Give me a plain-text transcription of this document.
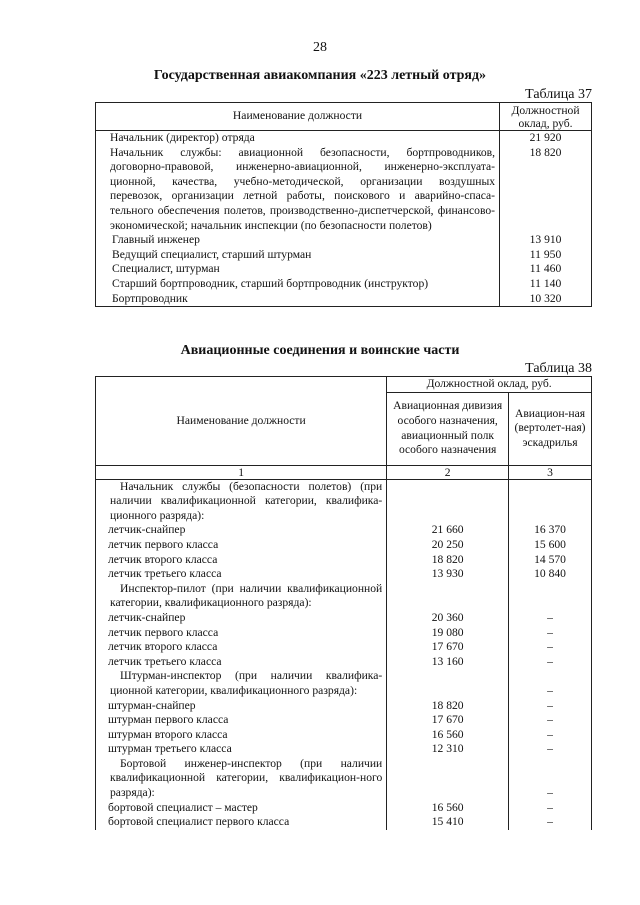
28
Государственная авиакомпания «223 летный отряд»
Таблица 37
Наименование должности	Должностной оклад, руб.
Начальник (директор) отряда	21 920
Начальник службы: авиационной безопасности, бортпроводников, договорно-правовой, инженерно-авиационной, инженерно-эксплуата-ционной, качества, учебно-методической, организации воздушных перевозок, организации летной работы, поискового и аварийно-спаса-тельного обеспечения полетов, производственно-диспетчерской, финансово-экономической; начальник инспекции (по безопасности полетов)	18 820
Главный инженер	13 910
Ведущий специалист, старший штурман	11 950
Специалист, штурман	11 460
Старший бортпроводник, старший бортпроводник (инструктор)	11 140
Бортпроводник	10 320
Авиационные соединения и воинские части
Таблица 38
Наименование должности	Должностной оклад, руб.	
	Авиационная дивизия особого назначения, авиационный полк особого назначения	Авиацион-ная (вертолет-ная) эскадрилья
1	2	3
Начальник службы (безопасности полетов) (при наличии квалификационной категории, квалифика-ционного разряда):		
летчик-снайпер	21 660	16 370
летчик первого класса	20 250	15 600
летчик второго класса	18 820	14 570
летчик третьего класса	13 930	10 840
Инспектор-пилот (при наличии квалификационной категории, квалификационного разряда):		
летчик-снайпер	20 360	–
летчик первого класса	19 080	–
летчик второго класса	17 670	–
летчик третьего класса	13 160	–
Штурман-инспектор (при наличии квалифика-ционной категории, квалификационного разряда):		–
штурман-снайпер	18 820	–
штурман первого класса	17 670	–
штурман второго класса	16 560	–
штурман третьего класса	12 310	–
Бортовой инженер-инспектор (при наличии квалификационной категории, квалификацион-ного разряда):		–
бортовой специалист – мастер	16 560	–
бортовой специалист первого класса	15 410	–
